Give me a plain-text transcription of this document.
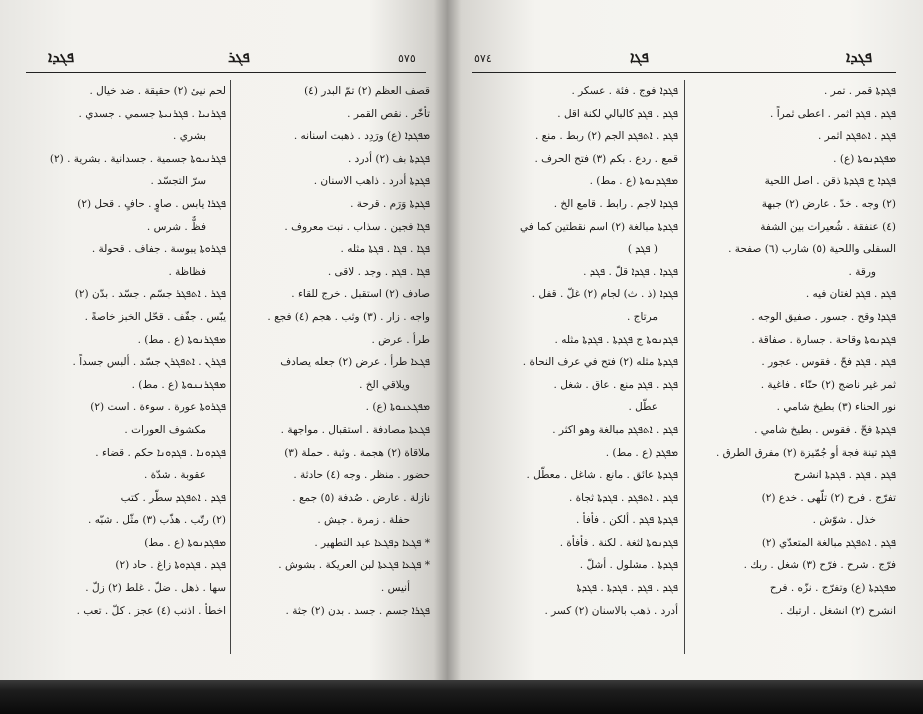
ܦܓܕܐ	ܦܓܪ	٥٧٥
لحم نيئ (٢) حقيقة . ضد خيال .
ܦܓܪܢܝܐ . ܦܓܪܢܝܬܐ جسمي . جسدي .
بشري .
ܦܓܪܢܝܘܬܐ جسمية . جسدانية . بشرية . (٢)
سرّ التجسّد .
ܦܓܪܐ يابس . صاوٍ . حافٍ . قحل (٢)
فظٌّ . شرس .
ܦܓܪܘܬܐ يبوسة . جفاف . قحولة .
فظاظة .
ܦܓܪ . ܐܬܦܓܪ جسّم . جسّد . بدّن (٢)
يبّس . جفّف . قحّل الخبز خاصةً .
ܡܦܓܪܢܘܬܐ (ع . مط) .
ܦܓܪܢ . ܐܬܦܓܪܢ جسّد . ألبس جسداً .
ܡܦܓܪܢܢܘܬܐ (ع . مط) .
ܦܓܪܘܬܐ عورة . سوءة . است (٢)
مكشوف العورات .
ܦܓܕܘܢܐ . ܦܓܕܘܢܐ حكم . قضاء .
عقوبة . شدّة .
ܦܓܕ . ܐܬܦܓܕ سطّر . كتب
(٢) رتّب . هذّب (٣) مثّل . شبّه .
ܡܦܓܕܢܘܬܐ (ع . مط)
ܦܓܕ . ܦܓܕܘܬܐ زاغ . حاد (٢)
سها . ذهل . ضلّ . غلط (٢) زلّ .
اخطأ . اذنب (٤) عجز . كلّ . تعب .
قصف العظم (٢) تمّ البدر (٤)
تأخّر . نقص القمر .
ܡܦܓܕܐ (ع) ورَدِد . ذهبت اسنانه .
ܦܓܕܬܐ بف (٢) أدرد .
ܦܓܕܬܐ أدرد . ذاهب الاسنان .
ܦܓܕܬܐ وَرَم . قرحة .
ܦܓܐ فجين . سذاب . نبت معروف .
ܦܓܐ . ܦܓܐ . ܦܓܬܐ مثله .
ܦܓܐ . ܦܓܕ . وجد . لاقى .
صادف (٢) استقبل . خرج للقاء .
واجه . زار . (٣) وثب . هجم (٤) فجع .
طرأ . عرض .
ܦܓܥܐ طرأ . عرض (٢) جعله يصادف
ويلاقي الخ .
ܡܦܓܥܢܘܬܐ (ع) .
ܦܓܥܬܐ مصادفة . استقبال . مواجهة .
ملاقاة (٢) هجمة . وثبة . حملة (٣)
حضور . منظر . وجه (٤) حادثة .
نازلة . عارض . صُدفة (٥) جمع .
حفلة . زمرة . جيش .
* ܦܓܥܐ ܕܦܓܥܐ عيد التطهير .
* ܦܓܥܐ ܦܓܥܬܐ لبن العريكة . بشوش .
أنيس .
ܦܓܪܐ جسم . جسد . بدن (٢) جثة .
٥٧٤	ܦܓܐ	ܦܓܕܐ
ܦܓܕܐ فوج . فئة . عسكر .
ܦܓܕ . ܦܓܕ كالبالي لكنة اقل .
ܦܓܕ . ܐܬܦܓܕ الجم (٢) ربط . منع .
قمع . ردع . بكم (٣) فتح الحرف .
ܡܦܓܕܢܘܬܐ (ع . مط) .
ܦܓܕܐ لاجم . رابط . قامع الخ .
ܦܓܕܬܐ مبالغة (٢) اسم نقطتين كما في
( ܦܓܕ )
ܦܓܕܐ . ܦܓܕܐ قلّ . ܦܓܕ .
ܦܓܕܐ (ذ . ث) لجام (٢) غلّ . قفل .
مرتاج .
ܦܓܕܢܘܬܐ ج ܦܓܕܬܐ . ܦܓܕܬܐ مثله .
ܦܓܕܬܐ مثله (٢) فتح في عرف النحاة .
ܦܓܕ . ܦܓܕ منع . عاق . شغل .
عطّل .
ܦܓܕ . ܐܬܦܓܕ مبالغة وهو اكثر .
ܡܦܓܕ (ع . مط) .
ܦܓܕܬܐ عائق . مانع . شاغل . معطّل .
ܦܓܕ . ܐܬܦܓܕ . ܦܓܕܬܐ ثجاة .
ܦܓܕܬܐ ܦܓܕ . ألكن . فأفأ .
ܦܓܕܢܘܬܐ لثغة . لكنة . فأفأة .
ܦܓܕܬܐ . مشلول . أشلّ .
ܦܓܕ . ܦܓܕ . ܦܓܕܬܐ . ܦܓܕܬܐ
أدرد . ذهب بالاسنان (٢) كسر .
ܦܓܕܬܐ قمر . تمر .
ܦܓܕ . ܦܓܕ اثمر . اعطى ثمراً .
ܦܓܕ . ܐܬܦܓܕ اثمر .
ܡܦܓܕܢܘܬܐ (ع) .
ܦܓܕܐ ج ܦܓܕܬܐ ذقن . اصل اللحية
(٢) وجه . خدّ . عارض (٢) جبهة
(٤) عنفقة . شُعيرات بين الشفة
السفلى واللحية (٥) شارب (٦) صفحة .
ورقة .
ܦܓܕ . ܦܓܕ لغتان فيه .
ܦܓܕܐ وقح . جسور . صفيق الوجه .
ܦܓܕܢܘܬܐ وقاحة . جسارة . صفاقة .
ܦܓܕ . ܦܓܕ فحّ . فقوس . عجور .
ثمر غير ناضج (٢) حنّاء . فاغية .
نور الحناء (٣) بطيخ شامي .
ܦܓܕܬܐ فحّ . فقوس . بطيخ شامي .
ܦܓܕ تينة فجة أو جُمّيزة (٢) مفرق الطرق .
ܦܓܕ . ܦܓܕ . ܦܓܕܬܐ انشرح
تفرّج . فرح (٢) تلّهى . خدع (٢)
خذل . شوّش .
ܦܓܕ . ܐܬܦܓܕ مبالغة المتعدّي (٢)
فرّج . شرح . فرّح (٣) شغل . ربك .
ܡܦܓܕܬܐ (ع) وتفرّج . نزّه . فرح
انشرح (٢) انشغل . ارتبك .
